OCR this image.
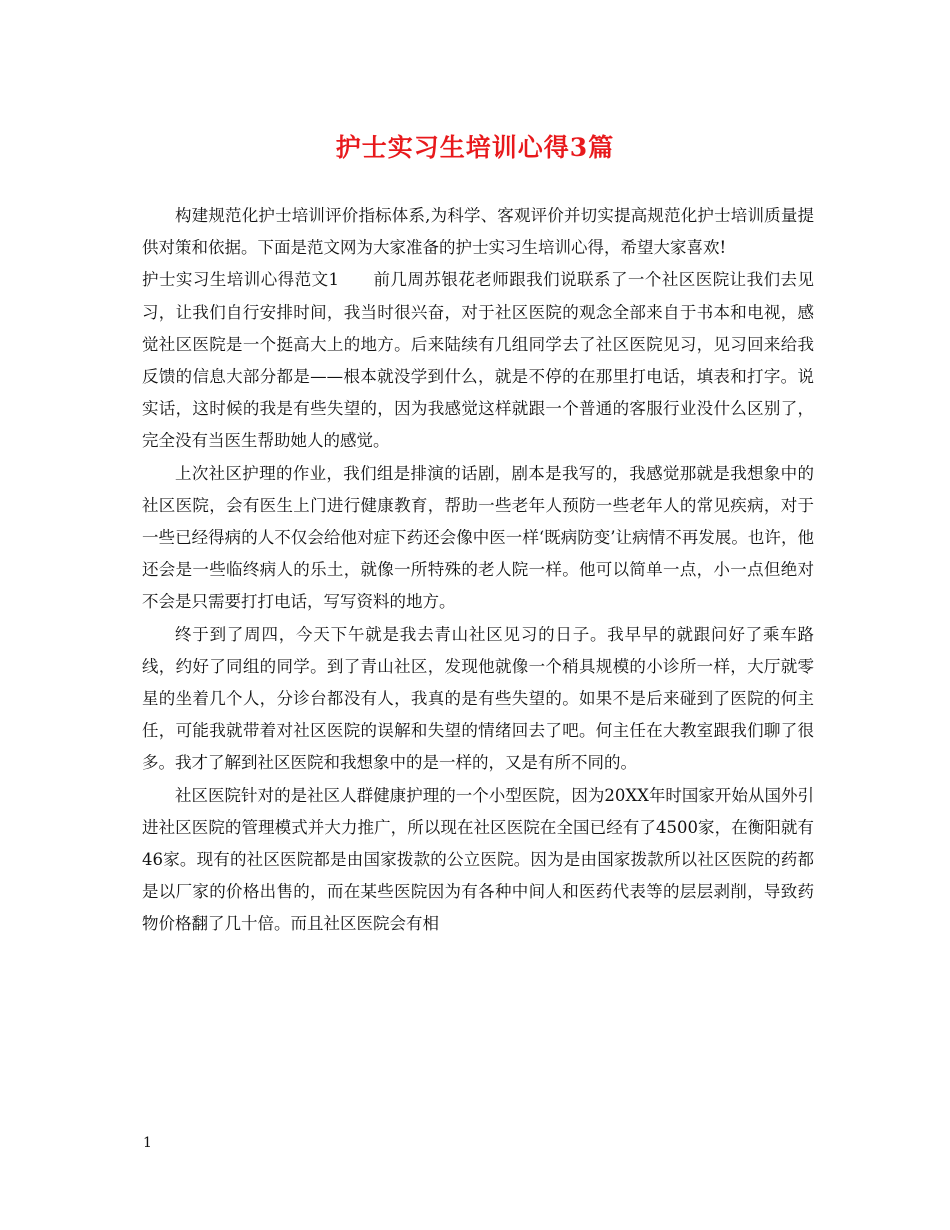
护士实习生培训心得3篇

构建规范化护士培训评价指标体系,为科学、客观评价并切实提高规范化护士培训质量提供对策和依据。下面是范文网为大家准备的护士实习生培训心得，希望大家喜欢!

护士实习生培训心得范文1 前几周苏银花老师跟我们说联系了一个社区医院让我们去见习，让我们自行安排时间，我当时很兴奋，对于社区医院的观念全部来自于书本和电视，感觉社区医院是一个挺高大上的地方。后来陆续有几组同学去了社区医院见习，见习回来给我反馈的信息大部分都是——根本就没学到什么，就是不停的在那里打电话，填表和打字。说实话，这时候的我是有些失望的，因为我感觉这样就跟一个普通的客服行业没什么区别了，完全没有当医生帮助她人的感觉。

上次社区护理的作业，我们组是排演的话剧，剧本是我写的，我感觉那就是我想象中的社区医院，会有医生上门进行健康教育，帮助一些老年人预防一些老年人的常见疾病，对于一些已经得病的人不仅会给他对症下药还会像中医一样‘既病防变’让病情不再发展。也许，他还会是一些临终病人的乐土，就像一所特殊的老人院一样。他可以简单一点，小一点但绝对不会是只需要打打电话，写写资料的地方。

终于到了周四，今天下午就是我去青山社区见习的日子。我早早的就跟问好了乘车路线，约好了同组的同学。到了青山社区，发现他就像一个稍具规模的小诊所一样，大厅就零星的坐着几个人，分诊台都没有人，我真的是有些失望的。如果不是后来碰到了医院的何主任，可能我就带着对社区医院的误解和失望的情绪回去了吧。何主任在大教室跟我们聊了很多。我才了解到社区医院和我想象中的是一样的，又是有所不同的。

社区医院针对的是社区人群健康护理的一个小型医院，因为20XX年时国家开始从国外引进社区医院的管理模式并大力推广，所以现在社区医院在全国已经有了4500家，在衡阳就有46家。现有的社区医院都是由国家拨款的公立医院。因为是由国家拨款所以社区医院的药都是以厂家的价格出售的，而在某些医院因为有各种中间人和医药代表等的层层剥削，导致药物价格翻了几十倍。而且社区医院会有相

1
